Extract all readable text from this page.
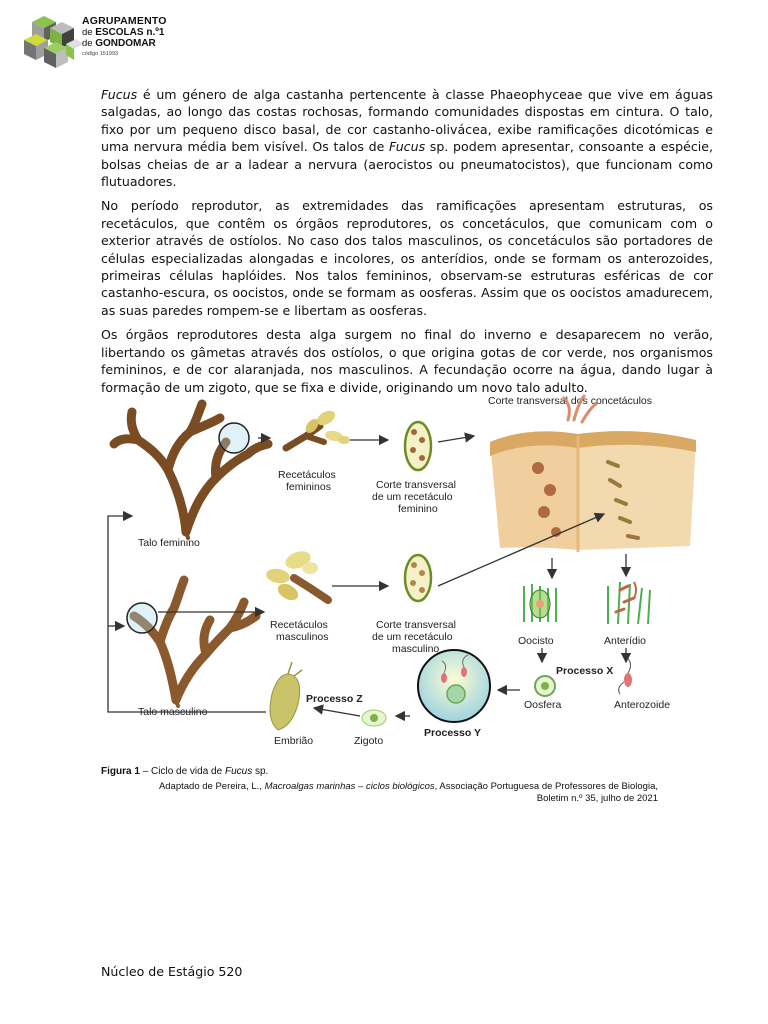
AGRUPAMENTO
de ESCOLAS n.º1
de GONDOMAR
código 151993

Fucus é um género de alga castanha pertencente à classe Phaeophyceae que vive em águas salgadas, ao longo das costas rochosas, formando comunidades dispostas em cintura. O talo, fixo por um pequeno disco basal, de cor castanho-olivácea, exibe ramificações dicotómicas e uma nervura média bem visível. Os talos de Fucus sp. podem apresentar, consoante a espécie, bolsas cheias de ar a ladear a nervura (aerocistos ou pneumatocistos), que funcionam como flutuadores.

No período reprodutor, as extremidades das ramificações apresentam estruturas, os recetáculos, que contêm os órgãos reprodutores, os concetáculos, que comunicam com o exterior através de ostíolos. No caso dos talos masculinos, os concetáculos são portadores de células especializadas alongadas e incolores, os anterídios, onde se formam os anterozoides, primeiras células haplóides. Nos talos femininos, observam-se estruturas esféricas de cor castanho-escura, os oocistos, onde se formam as oosferas. Assim que os oocistos amadurecem, as suas paredes rompem-se e libertam as oosferas.

Os órgãos reprodutores desta alga surgem no final do inverno e desaparecem no verão, libertando os gâmetas através dos ostíolos, o que origina gotas de cor verde, nos organismos femininos, e de cor alaranjada, nos masculinos. A fecundação ocorre na água, dando lugar à formação de um zigoto, que se fixa e divide, originando um novo talo adulto.

Talo feminino
Talo masculino
Recetáculos
femininos	Corte transversal
de um recetáculo
feminino
Recetáculos
masculinos
Corte transversal
de um recetáculo
masculino
Corte transversal dos concetáculos
Oocisto	Anterídio
Processo X
Oosfera	Anterozoide
Processo Y
Zigoto
Processo Z
Embrião
Figura 1 – Ciclo de vida de Fucus sp.
Adaptado de Pereira, L., Macroalgas marinhas – ciclos biológicos, Associação Portuguesa de Professores de Biologia,
Boletim n.º 35, julho de 2021
Núcleo de Estágio 520
